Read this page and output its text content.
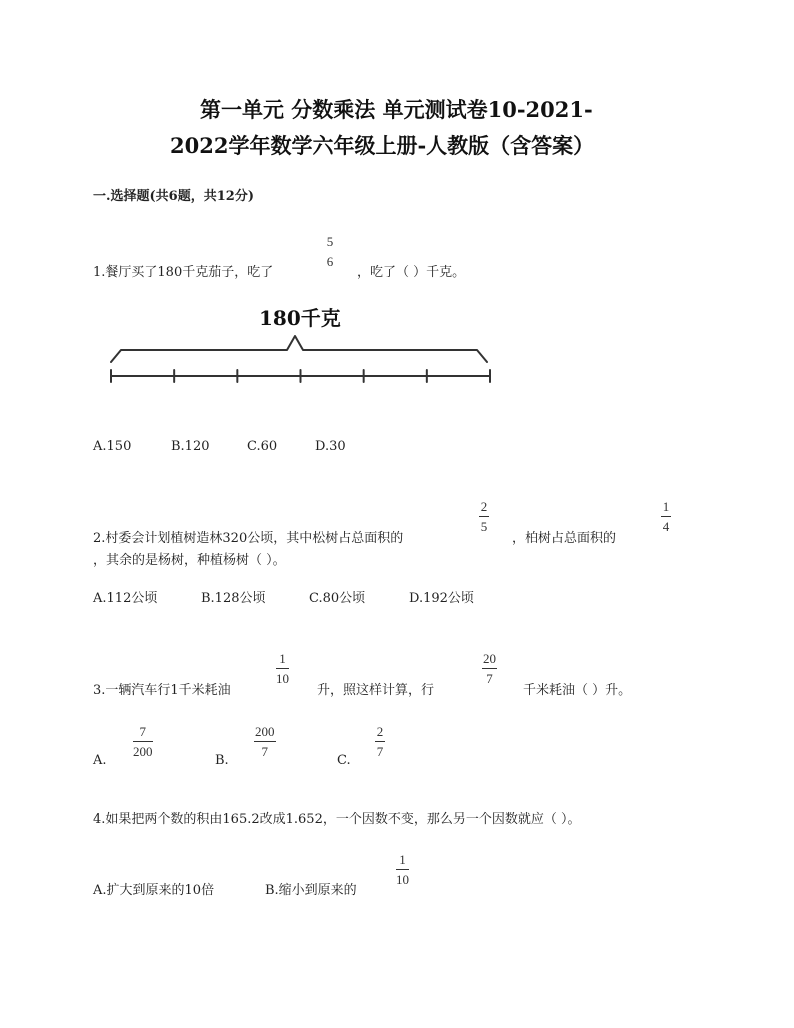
第一单元 分数乘法 单元测试卷10-2021-
2022学年数学六年级上册-人教版（含答案）
一.选择题(共6题，共12分)
1.餐厅买了180千克茄子，吃了
5
6
，吃了（ ）千克。
180千克
A.150	B.120	C.60	D.30
2.村委会计划植树造林320公顷，其中松树占总面积的
2
5
，柏树占总面积的
1
4
，其余的是杨树，种植杨树（ ）。
A.112公顷	B.128公顷	C.80公顷	D.192公顷
3.一辆汽车行1千米耗油
1
10
升，照这样计算，行
20
7
千米耗油（ ）升。
A.
7
200
B.
200
7
C.
2
7
4.如果把两个数的积由165.2改成1.652，一个因数不变，那么另一个因数就应（ ）。
A.扩大到原来的10倍	B.缩小到原来的
1
10
